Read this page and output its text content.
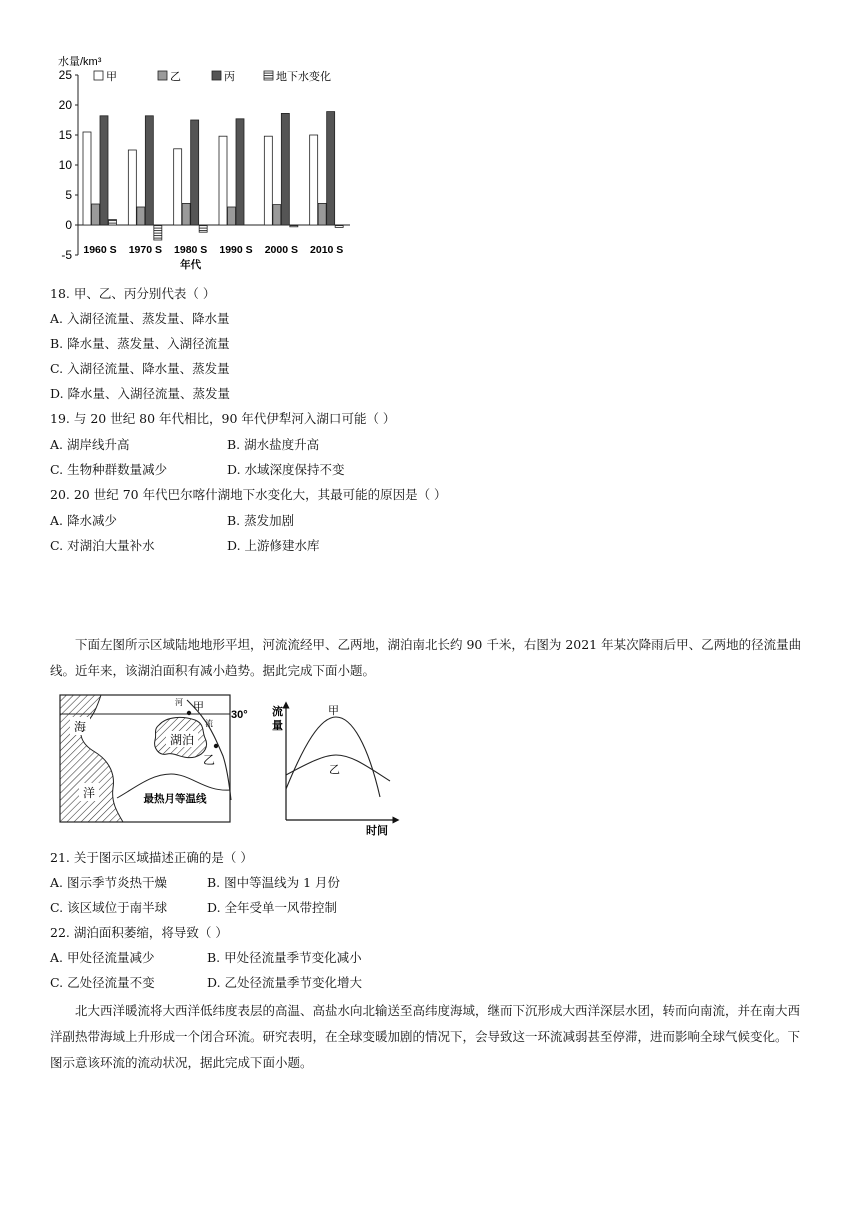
-5
0
5
10
15
20
25
水量/km³
甲	乙	丙	地下水变化
1960 S 1970 S 1980 S 1990 S 2000 S 2010 S
年代
18. 甲、乙、丙分别代表（ ）
A. 入湖径流量、蒸发量、降水量
B. 降水量、蒸发量、入湖径流量
C. 入湖径流量、降水量、蒸发量
D. 降水量、入湖径流量、蒸发量
19. 与 20 世纪 80 年代相比，90 年代伊犁河入湖口可能（ ）
A. 湖岸线升高	B. 湖水盐度升高
C. 生物种群数量减少	D. 水域深度保持不变
20. 20 世纪 70 年代巴尔喀什湖地下水变化大，其最可能的原因是（ ）
A. 降水减少	B. 蒸发加剧
C. 对湖泊大量补水	D. 上游修建水库
下面左图所示区域陆地地形平坦，河流流经甲、乙两地，湖泊南北长约 90 千米，右图为 2021 年某次降雨后甲、乙两地的径流量曲线。近年来，该湖泊面积有减小趋势。据此完成下面小题。
海
洋
30°
湖泊
河
流
甲
乙
最热月等温线
流
量
时间
甲
乙
21. 关于图示区域描述正确的是（ ）
A. 图示季节炎热干燥	B. 图中等温线为 1 月份
C. 该区域位于南半球	D. 全年受单一风带控制
22. 湖泊面积萎缩，将导致（ ）
A. 甲处径流量减少	B. 甲处径流量季节变化减小
C. 乙处径流量不变	D. 乙处径流量季节变化增大
北大西洋暖流将大西洋低纬度表层的高温、高盐水向北输送至高纬度海域，继而下沉形成大西洋深层水团，转而向南流，并在南大西洋副热带海域上升形成一个闭合环流。研究表明，在全球变暖加剧的情况下，会导致这一环流减弱甚至停滞，进而影响全球气候变化。下图示意该环流的流动状况，据此完成下面小题。
